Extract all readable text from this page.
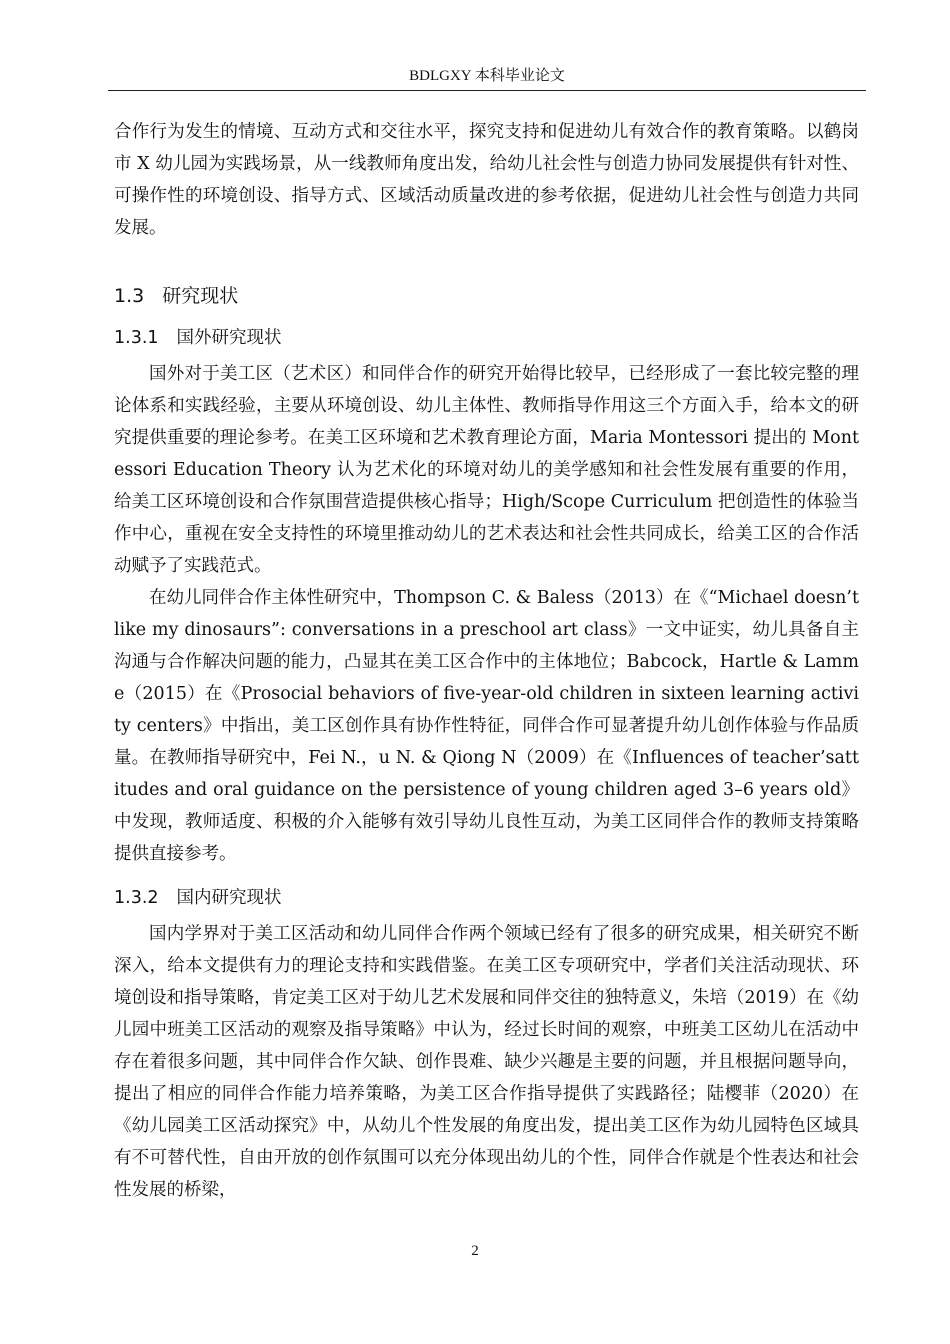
BDLGXY 本科毕业论文

合作行为发生的情境、互动方式和交往水平，探究支持和促进幼儿有效合作的教育策略。以鹤岗市 X 幼儿园为实践场景，从一线教师角度出发，给幼儿社会性与创造力协同发展提供有针对性、可操作性的环境创设、指导方式、区域活动质量改进的参考依据，促进幼儿社会性与创造力共同发展。

1.3 研究现状
1.3.1 国外研究现状

国外对于美工区（艺术区）和同伴合作的研究开始得比较早，已经形成了一套比较完整的理论体系和实践经验，主要从环境创设、幼儿主体性、教师指导作用这三个方面入手，给本文的研究提供重要的理论参考。在美工区环境和艺术教育理论方面，Maria Montessori 提出的 Montessori Education Theory 认为艺术化的环境对幼儿的美学感知和社会性发展有重要的作用，给美工区环境创设和合作氛围营造提供核心指导；High/Scope Curriculum 把创造性的体验当作中心，重视在安全支持性的环境里推动幼儿的艺术表达和社会性共同成长，给美工区的合作活动赋予了实践范式。

在幼儿同伴合作主体性研究中，Thompson C. & Baless（2013）在《“Michael doesn’t like my dinosaurs”: conversations in a preschool art class》一文中证实，幼儿具备自主沟通与合作解决问题的能力，凸显其在美工区合作中的主体地位；Babcock，Hartle & Lamme（2015）在《Prosocial behaviors of five-year-old children in sixteen learning activity centers》中指出，美工区创作具有协作性特征，同伴合作可显著提升幼儿创作体验与作品质量。在教师指导研究中，Fei N.，u N. & Qiong N（2009）在《Influences of teacher’sattitudes and oral guidance on the persistence of young children aged 3–6 years old》中发现，教师适度、积极的介入能够有效引导幼儿良性互动，为美工区同伴合作的教师支持策略提供直接参考。

1.3.2 国内研究现状

国内学界对于美工区活动和幼儿同伴合作两个领域已经有了很多的研究成果，相关研究不断深入，给本文提供有力的理论支持和实践借鉴。在美工区专项研究中，学者们关注活动现状、环境创设和指导策略，肯定美工区对于幼儿艺术发展和同伴交往的独特意义，朱培（2019）在《幼儿园中班美工区活动的观察及指导策略》中认为，经过长时间的观察，中班美工区幼儿在活动中存在着很多问题，其中同伴合作欠缺、创作畏难、缺少兴趣是主要的问题，并且根据问题导向，提出了相应的同伴合作能力培养策略，为美工区合作指导提供了实践路径；陆樱菲（2020）在《幼儿园美工区活动探究》中，从幼儿个性发展的角度出发，提出美工区作为幼儿园特色区域具有不可替代性，自由开放的创作氛围可以充分体现出幼儿的个性，同伴合作就是个性表达和社会性发展的桥梁，

2
